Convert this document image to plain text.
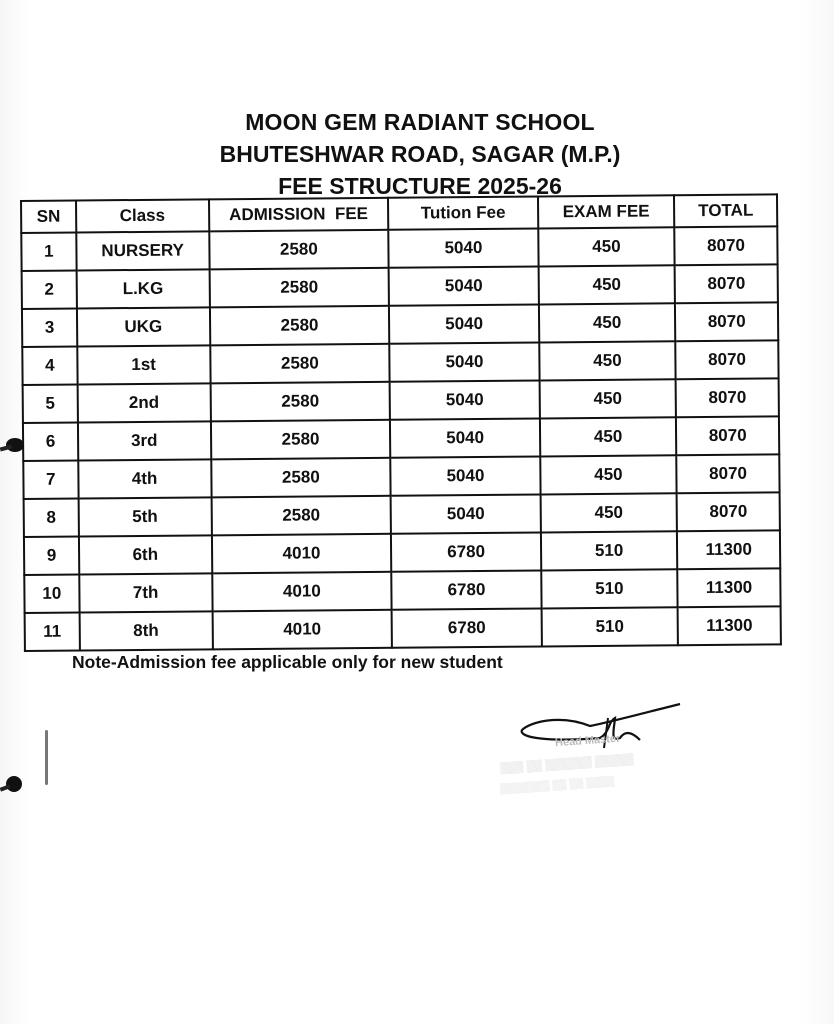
MOON GEM RADIANT SCHOOL
BHUTESHWAR ROAD, SAGAR (M.P.)
FEE STRUCTURE 2025-26
SN	Class	ADMISSION  FEE	Tution Fee	EXAM FEE	TOTAL
1	NURSERY	2580	5040	450	8070
2	L.KG	2580	5040	450	8070
3	UKG	2580	5040	450	8070
4	1st	2580	5040	450	8070
5	2nd	2580	5040	450	8070
6	3rd	2580	5040	450	8070
7	4th	2580	5040	450	8070
8	5th	2580	5040	450	8070
9	6th	4010	6780	510	11300
10	7th	4010	6780	510	11300
11	8th	4010	6780	510	11300
Note-Admission fee applicable only for new student
Head Master
▒▒▒ ▒▒ ▒▒▒▒▒▒ ▒▒▒▒▒
▒▒▒▒▒▒▒ ▒▒ ▒▒ ▒▒▒▒
